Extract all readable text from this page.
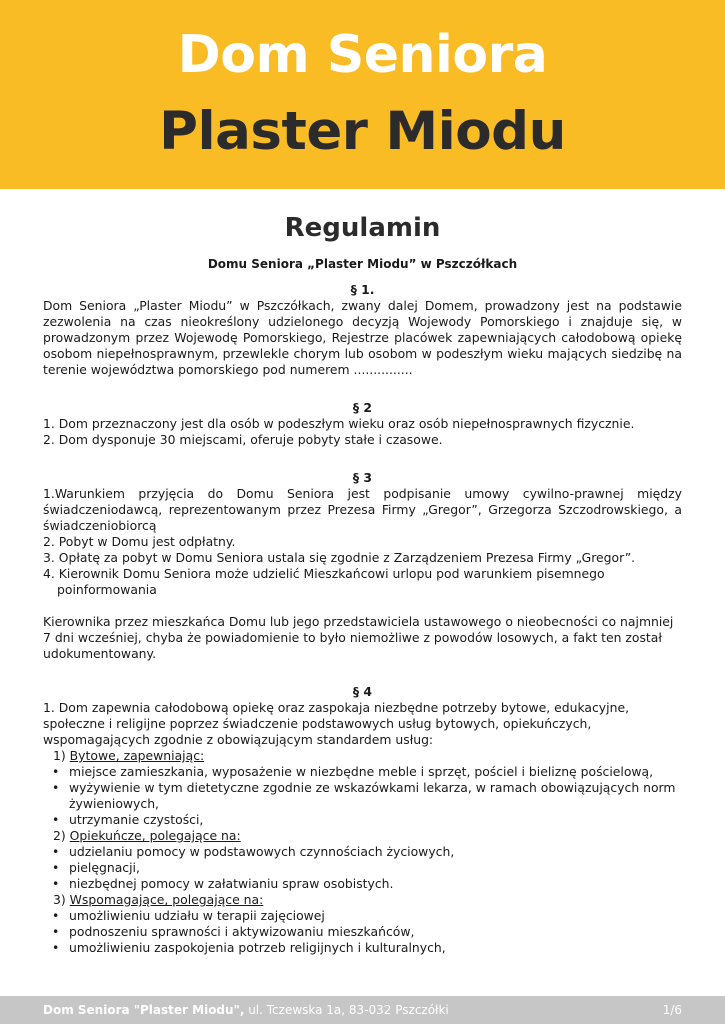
Dom Seniora
Plaster Miodu

Regulamin

Domu Seniora „Plaster Miodu” w Pszczółkach

§ 1.

Dom Seniora „Plaster Miodu” w Pszczółkach, zwany dalej Domem, prowadzony jest na podstawie zezwolenia na czas nieokreślony udzielonego decyzją Wojewody Pomorskiego i znajduje się, w prowadzonym przez Wojewodę Pomorskiego, Rejestrze placówek zapewniających całodobową opiekę osobom niepełnosprawnym, przewlekle chorym lub osobom w podeszłym wieku mających siedzibę na terenie województwa pomorskiego pod numerem ...............

§ 2

1. Dom przeznaczony jest dla osób w podeszłym wieku oraz osób niepełnosprawnych fizycznie.

2. Dom dysponuje 30 miejscami, oferuje pobyty stałe i czasowe.

§ 3

1.Warunkiem przyjęcia do Domu Seniora jest podpisanie umowy cywilno-prawnej między świadczeniodawcą, reprezentowanym przez Prezesa Firmy „Gregor”, Grzegorza Szczodrowskiego, a świadczeniobiorcą

2. Pobyt w Domu jest odpłatny.

3. Opłatę za pobyt w Domu Seniora ustala się zgodnie z Zarządzeniem Prezesa Firmy „Gregor”.

4. Kierownik Domu Seniora może udzielić Mieszkańcowi urlopu pod warunkiem pisemnego

poinformowania

Kierownika przez mieszkańca Domu lub jego przedstawiciela ustawowego o nieobecności co najmniej 7 dni wcześniej, chyba że powiadomienie to było niemożliwe z powodów losowych, a fakt ten został udokumentowany.

§ 4

1. Dom zapewnia całodobową opiekę oraz zaspokaja niezbędne potrzeby bytowe, edukacyjne, społeczne i religijne poprzez świadczenie podstawowych usług bytowych, opiekuńczych, wspomagających zgodnie z obowiązującym standardem usług:

1) Bytowe, zapewniając:

• miejsce zamieszkania, wyposażenie w niezbędne meble i sprzęt, pościel i bieliznę pościelową,
• wyżywienie w tym dietetyczne zgodnie ze wskazówkami lekarza, w ramach obowiązujących norm żywieniowych,
• utrzymanie czystości,

2) Opiekuńcze, polegające na:

• udzielaniu pomocy w podstawowych czynnościach życiowych,
• pielęgnacji,
• niezbędnej pomocy w załatwianiu spraw osobistych.

3) Wspomagające, polegające na:

• umożliwieniu udziału w terapii zajęciowej
• podnoszeniu sprawności i aktywizowaniu mieszkańców,
• umożliwieniu zaspokojenia potrzeb religijnych i kulturalnych,
Dom Seniora "Plaster Miodu", ul. Tczewska 1a, 83-032 Pszczółki	1/6
